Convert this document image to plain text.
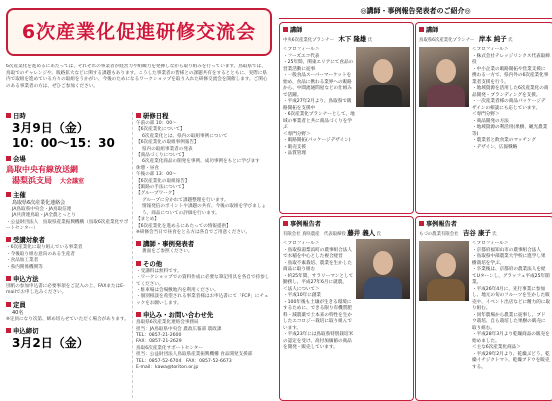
6次産業化促進研修交流会
6次産業化を進めるにあたっては、それぞれの事業者が経営力や組織力を発揮しながら取り組みを行っています。鳥取県では、鳥取でのチャレンジや、販路拡大などに関する課題もあります。こうした事業者の皆様との課題共有をするとともに、実際に県内で取組を進めている方々の取組をうかがい、今後のためになるワークショップを取り入れた研修交流会を開催します。ご関心のある事業者の方は、ぜひご参加ください。
日時
3月9日（金）
10：00～15：30
会場
鳥取中央有線放送網
湯梨浜支局　 大会議室
主催
鳥取県6次産業化連絡会
JA鳥取県中央会・JA鳥取信連
JA共済連鳥取・JA全農とっとり
・公益財団法人　鳥取県産業振興機構（鳥取6次産業化サポートセンター）
受講対象者
・6次産業化に取り組んでいる事業者
・今後取り組む意向のある生産者
・食品加工業者
・県内関係機関等
申込方法
別紙の参加申込書に必要事項をご記入の上、FAXまたはE-mailでお申し込みください。
定員
40名
※定員になり次第、締め切らせていただく場合があります。
申込締切
3月2日（金）
研修日程
午前の部 10：00～
【6次産業化について】
6次産業化とは、県内の取組事例について
【6次産業化の取組事例報告】
県内の取組事業者の発表
【商品づくりについて】
6次産業化商品の開発を事例、成功事例をもとに学びます
休憩・昼食
午後の部 13：00～
【6次産業化の取組報告】
【販路の手法について】
【グループワーク】
グループに分かれて課題整理を行います。
情報発信のポイントや課題の共有、今後の取組を学びましょう。商品についての評価を行います。
【まとめ】
【6次産業化を進めるにあたっての情報提供】
※研修会当日で昼食をとる方は各自でご用意ください。
講師・事例発表者
裏面をご参照ください。
その他
・受講料は無料です。
・ワークショップでの資料作成に必要な筆記用具を各自で持参してください。
・駐車場は会場敷地内を利用ください。
・個別相談を希望される事業者様はお申込書にて「FCP」にチェックをお願いします。
申込み・お問い合わせ先
鳥取県6次産業化連絡会事務局
担当：JA鳥取県中央会 農政広報部 農政課
TEL：0857-21-2600
FAX：0857-21-2629
鳥取6次産業化サポートセンター
担当：公益財団法人鳥取県産業振興機構 食品開発支援部
TEL：0857-52-6704　FAX：0857-52-6673
E-mail：kawa@toriton.or.jp
◎講師・事例報告発表者のご紹介◎
講師
中央6次産業化プランナー　 木下 隆雄 氏
＜プロフィール＞
・フーズエコ代表
・25年間、関東エリアにて食品の営業活動に従事
・一般食品スーパーマーケットを始め、食品に携わる業界への販路から、中間流通問屋などの仕組みで活躍。
・平成27年2月より、鳥取県で販路開拓を支援中
・6次産業化プランナーとして、地域の事業者と共に商品づくりを学ぶ
＜専門分野＞
・販路開拓(パッケージデザイン)
・販売支援
・品質管理
講師
鳥取県6次産業化プランナー　 岸本 純子 氏
＜プロフィール＞
・株式会社テレッジリンクス代表取締役
・中小企業の販路開拓や営業支援に携わる一方で、県内外の6次産業化事業者支援を行う。
・地域資源を活用した6次産業化の商品開発・ブランディングを支援。
・一次産業者様の商品パッケージデザインの相談にも応じています。
＜専門分野＞
・商品開発の方法
・地域資源の利活用(果樹、観光農業等)
・農業者と飲食業のマッチング
・デザイン、広報戦略
事例報告者
有限会社 真咲農産　 代表取締役 藤井 義人 氏
＜プロフィール＞
・鳥取県湯梨浜町の農事組合法人で水稲を中心とした複合経営
・鳥取不素栽培、農業を生かした商品に取り組む
・約25年間、サラリーマンとして勤務し、平成27年6月に就農。
＜法人について＞
・平成10年に創業
・100年後も土壌が生きる環境にするために、できる限り有機質肥料・減農薬で土本来の特性を生かしたエコロジー栽培に取り組んでいます。
・平成23年には鳥取県特別栽培米の認定を受け、高付加価値の商品を開発・販売しています。
事例報告者
もづの農業有限会社　 吉谷 康子 氏
＜プロフィール＞
・京都府福知山市の農事組合法人
・鳥取県中部農業大学校に進学し果樹栽培を学ぶ。
・卒業後は、京都府の農業法人を経てUターンし、グラッフェ平成25年開業。
・平成26年4月に、先行事業に参加し、地元の旬のフルーツを生かした販売や、イベント出店などに精力的に取り組む。
・同年農場から農業に従事し、ブドウ栽培、自ら栽培した果樹の販売に取り組む。
・平成28年3月より乾燥商品の販売を始めました。
＜主な6次産業化商品＞
・平成29年2月より、乾燥ぶどう、乾燥イチジクトマト、乾燥ブドウを販売する。
